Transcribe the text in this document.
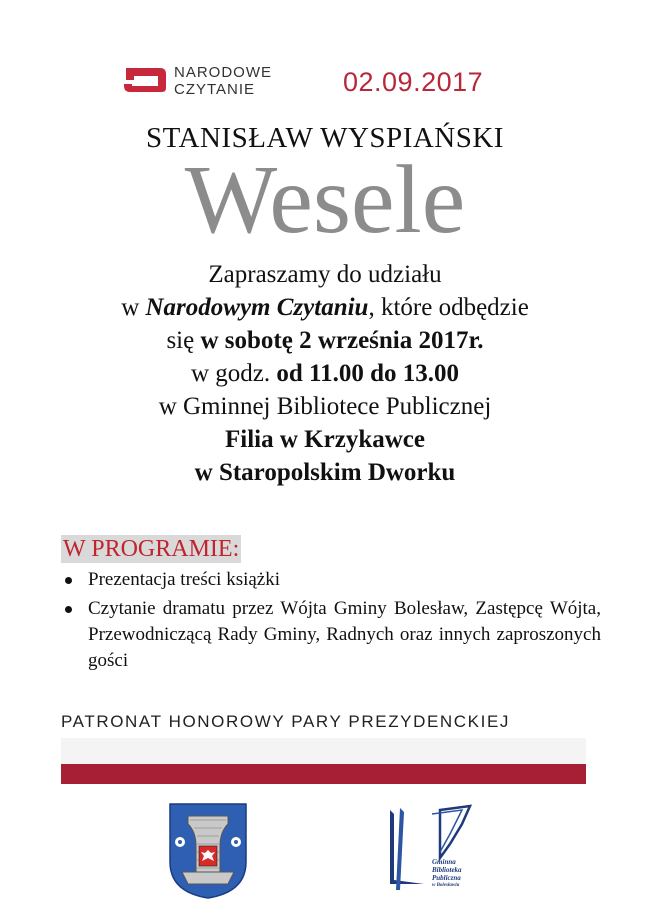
NARODOWE
CZYTANIE	02.09.2017
STANISŁAW WYSPIAŃSKI
Wesele
Zapraszamy do udziału
w Narodowym Czytaniu, które odbędzie
się w sobotę 2 września 2017r.
w godz. od 11.00 do 13.00
w Gminnej Bibliotece Publicznej
Filia w Krzykawce
w Staropolskim Dworku
W PROGRAMIE:
Prezentacja treści książki
Czytanie dramatu przez Wójta Gminy Bolesław, Zastępcę Wójta, Przewodniczącą Rady Gminy, Radnych oraz innych zaproszonych gości
PATRONAT HONOROWY PARY PREZYDENCKIEJ
Gminna
Biblioteka
Publiczna
w Bolesławiu
